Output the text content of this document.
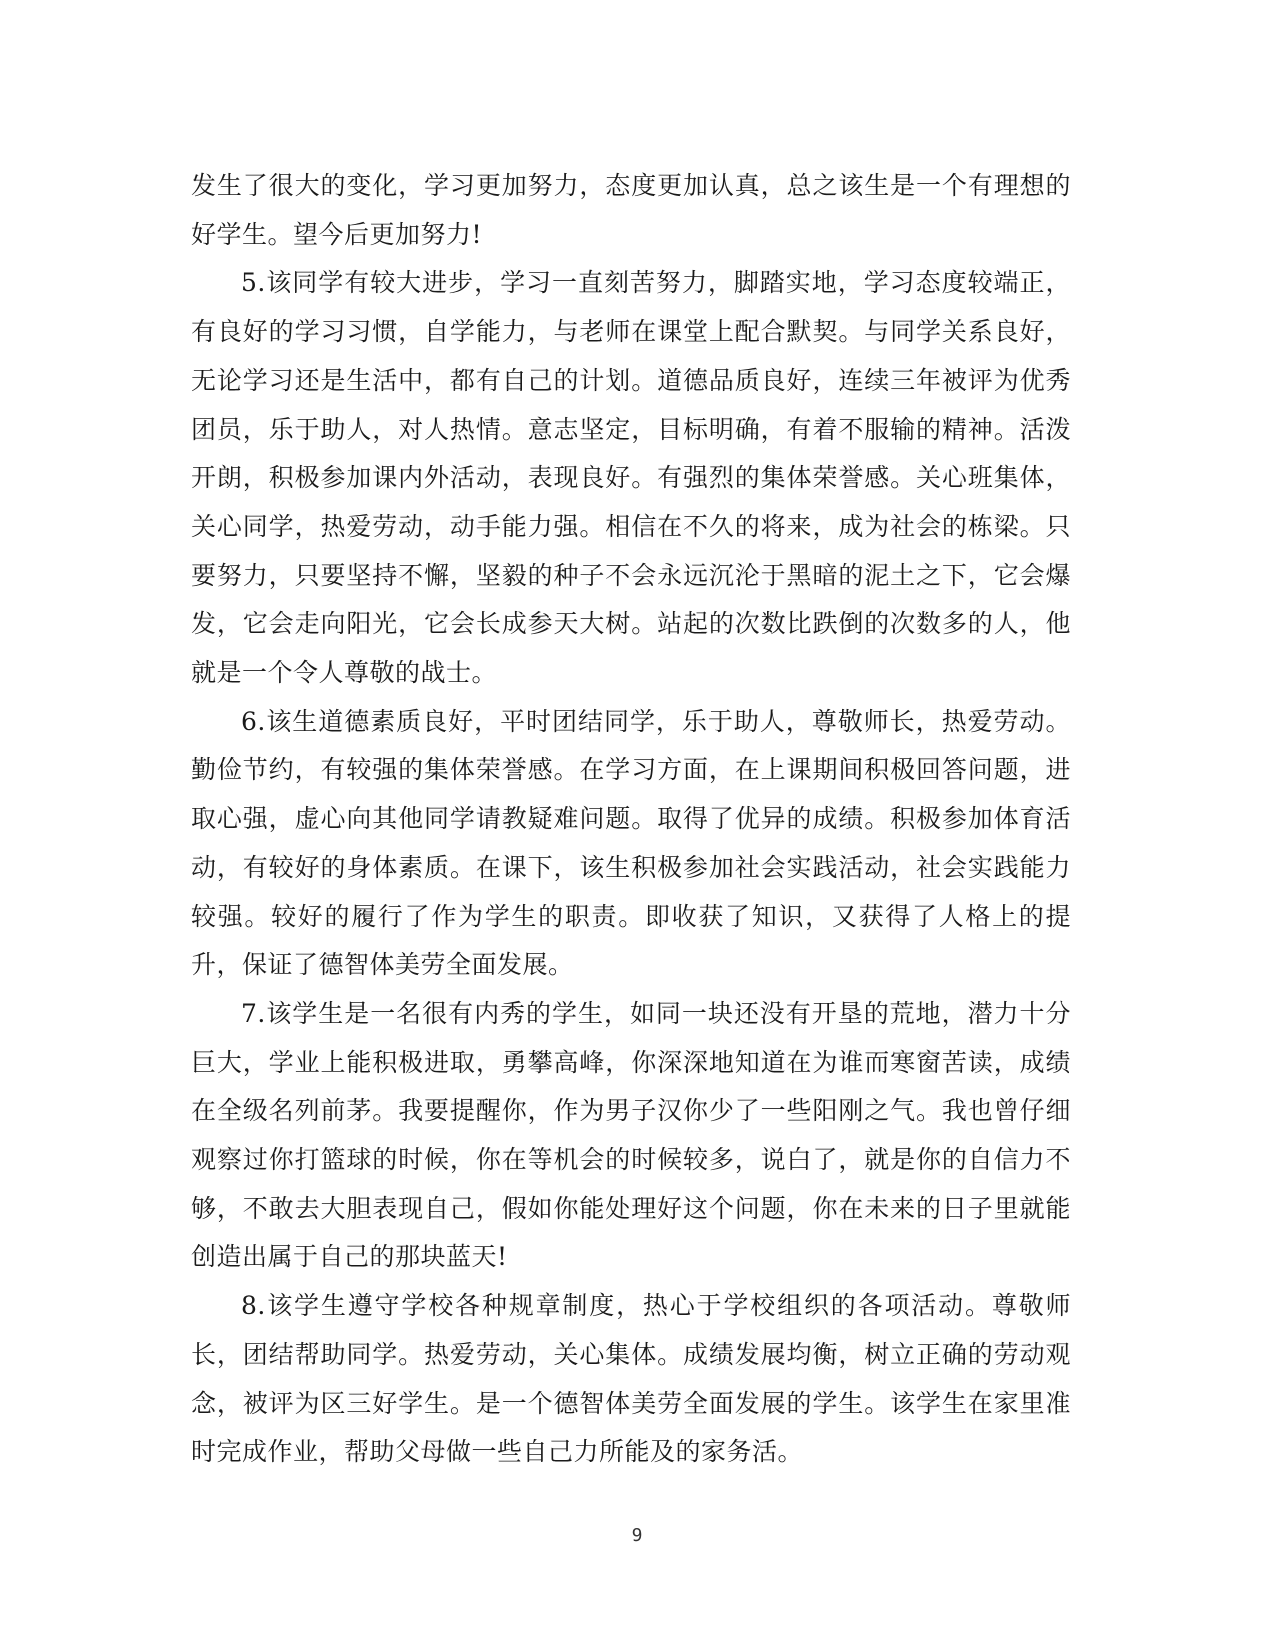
发生了很大的变化，学习更加努力，态度更加认真，总之该生是一个有理想的好学生。望今后更加努力!

5.该同学有较大进步，学习一直刻苦努力，脚踏实地，学习态度较端正，有良好的学习习惯，自学能力，与老师在课堂上配合默契。与同学关系良好，无论学习还是生活中，都有自己的计划。道德品质良好，连续三年被评为优秀团员，乐于助人，对人热情。意志坚定，目标明确，有着不服输的精神。活泼开朗，积极参加课内外活动，表现良好。有强烈的集体荣誉感。关心班集体，关心同学，热爱劳动，动手能力强。相信在不久的将来，成为社会的栋梁。只要努力，只要坚持不懈，坚毅的种子不会永远沉沦于黑暗的泥土之下，它会爆发，它会走向阳光，它会长成参天大树。站起的次数比跌倒的次数多的人，他就是一个令人尊敬的战士。

6.该生道德素质良好，平时团结同学，乐于助人，尊敬师长，热爱劳动。勤俭节约，有较强的集体荣誉感。在学习方面，在上课期间积极回答问题，进取心强，虚心向其他同学请教疑难问题。取得了优异的成绩。积极参加体育活动，有较好的身体素质。在课下，该生积极参加社会实践活动，社会实践能力较强。较好的履行了作为学生的职责。即收获了知识，又获得了人格上的提升，保证了德智体美劳全面发展。

7.该学生是一名很有内秀的学生，如同一块还没有开垦的荒地，潜力十分巨大，学业上能积极进取，勇攀高峰，你深深地知道在为谁而寒窗苦读，成绩在全级名列前茅。我要提醒你，作为男子汉你少了一些阳刚之气。我也曾仔细观察过你打篮球的时候，你在等机会的时候较多，说白了，就是你的自信力不够，不敢去大胆表现自己，假如你能处理好这个问题，你在未来的日子里就能创造出属于自己的那块蓝天!

8.该学生遵守学校各种规章制度，热心于学校组织的各项活动。尊敬师长，团结帮助同学。热爱劳动，关心集体。成绩发展均衡，树立正确的劳动观念，被评为区三好学生。是一个德智体美劳全面发展的学生。该学生在家里准时完成作业，帮助父母做一些自己力所能及的家务活。

9
